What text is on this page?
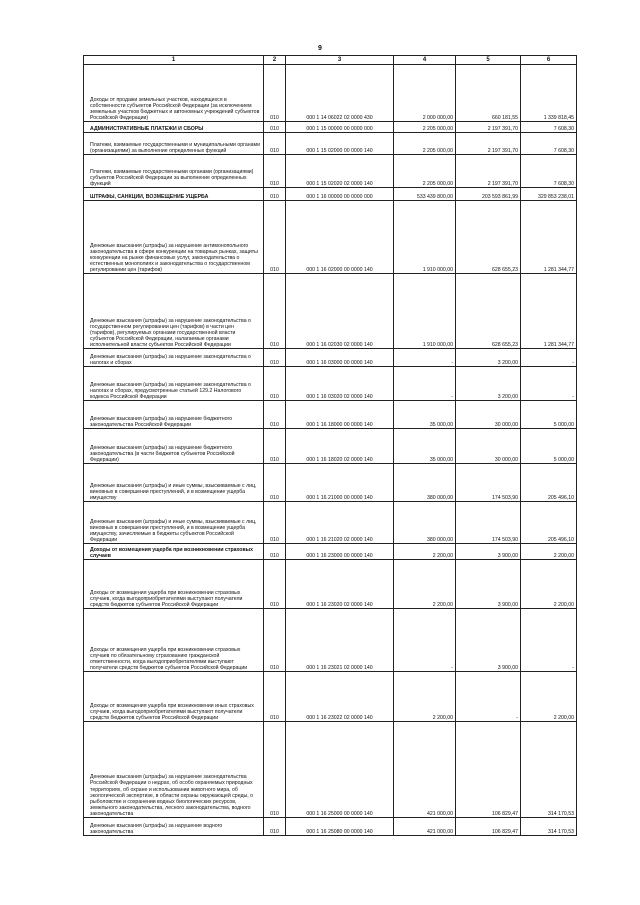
9
1	2	3	4	5	6
Доходы от продажи земельных участков, находящихся в собственности субъектов Российской Федерации (за исключением земельных участков бюджетных и автономных учреждений субъектов Российской Федерации)	010	000 1 14 06022 02 0000 430	2 000 000,00	660 181,55	1 339 818,45
АДМИНИСТРАТИВНЫЕ ПЛАТЕЖИ И СБОРЫ	010	000 1 15 00000 00 0000 000	2 205 000,00	2 197 391,70	7 608,30
Платежи, взимаемые государственными и муниципальными органами (организациями) за выполнение определенных функций	010	000 1 15 02000 00 0000 140	2 205 000,00	2 197 391,70	7 608,30
Платежи, взимаемые государственными органами (организациями) субъектов Российской Федерации за выполнение определенных функций	010	000 1 15 02020 02 0000 140	2 205 000,00	2 197 391,70	7 608,30
ШТРАФЫ, САНКЦИИ, ВОЗМЕЩЕНИЕ УЩЕРБА	010	000 1 16 00000 00 0000 000	533 439 800,00	203 593 861,99	329 853 238,01
Денежные взыскания (штрафы) за нарушение антимонопольного законодательства в сфере конкуренции на товарных рынках, защиты конкуренции на рынке финансовых услуг, законодательства о естественных монополиях и законодательства о государственном регулировании цен (тарифов)	010	000 1 16 02000 00 0000 140	1 910 000,00	628 655,23	1 281 344,77
Денежные взыскания (штрафы) за нарушение законодательства о государственном регулировании цен (тарифов) в части цен (тарифов), регулируемых органами государственной власти субъектов Российской Федерации, налагаемые органами исполнительной власти субъектов Российской Федерации	010	000 1 16 02030 02 0000 140	1 910 000,00	628 655,23	1 281 344,77
Денежные взыскания (штрафы) за нарушение законодательства о налогах и сборах	010	000 1 16 03000 00 0000 140	-	3 200,00	-
Денежные взыскания (штрафы) за нарушение законодательства о налогах и сборах, предусмотренные статьей 129.2 Налогового кодекса Российской Федерации	010	000 1 16 03020 02 0000 140	-	3 200,00	-
Денежные взыскания (штрафы) за нарушение бюджетного законодательства Российской Федерации	010	000 1 16 18000 00 0000 140	35 000,00	30 000,00	5 000,00
Денежные взыскания (штрафы) за нарушение бюджетного законодательства (в части бюджетов субъектов Российской Федерации)	010	000 1 16 18020 02 0000 140	35 000,00	30 000,00	5 000,00
Денежные взыскания (штрафы) и иные суммы, взыскиваемые с лиц, виновных в совершении преступлений, и в возмещение ущерба имуществу	010	000 1 16 21000 00 0000 140	380 000,00	174 503,90	205 496,10
Денежные взыскания (штрафы) и иные суммы, взыскиваемые с лиц, виновных в совершении преступлений, и в возмещение ущерба имуществу, зачисляемые в бюджеты субъектов Российской Федерации	010	000 1 16 21020 02 0000 140	380 000,00	174 503,90	205 496,10
Доходы от возмещения ущерба при возникновении страховых случаев	010	000 1 16 23000 00 0000 140	2 200,00	3 900,00	2 200,00
Доходы от возмещения ущерба при возникновении страховых случаев, когда выгодоприобретателями выступают получатели средств бюджетов субъектов Российской Федерации	010	000 1 16 23020 02 0000 140	2 200,00	3 900,00	2 200,00
Доходы от возмещения ущерба при возникновении страховых случаев по обязательному страхованию гражданской ответственности, когда выгодоприобретателями выступают получатели средств бюджетов субъектов Российской Федерации	010	000 1 16 23021 02 0000 140	-	3 900,00	-
Доходы от возмещения ущерба при возникновении иных страховых случаев, когда выгодоприобретателями выступают получатели средств бюджетов субъектов Российской Федерации	010	000 1 16 23022 02 0000 140	2 200,00	-	2 200,00
Денежные взыскания (штрафы) за нарушение законодательства Российской Федерации о недрах, об особо охраняемых природных территориях, об охране и использовании животного мира, об экологической экспертизе, в области охраны окружающей среды, о рыболовстве и сохранении водных биологических ресурсов, земельного законодательства, лесного законодательства, водного законодательства	010	000 1 16 25000 00 0000 140	421 000,00	106 829,47	314 170,53
Денежные взыскания (штрафы) за нарушение водного законодательства	010	000 1 16 25080 00 0000 140	421 000,00	106 829,47	314 170,53
